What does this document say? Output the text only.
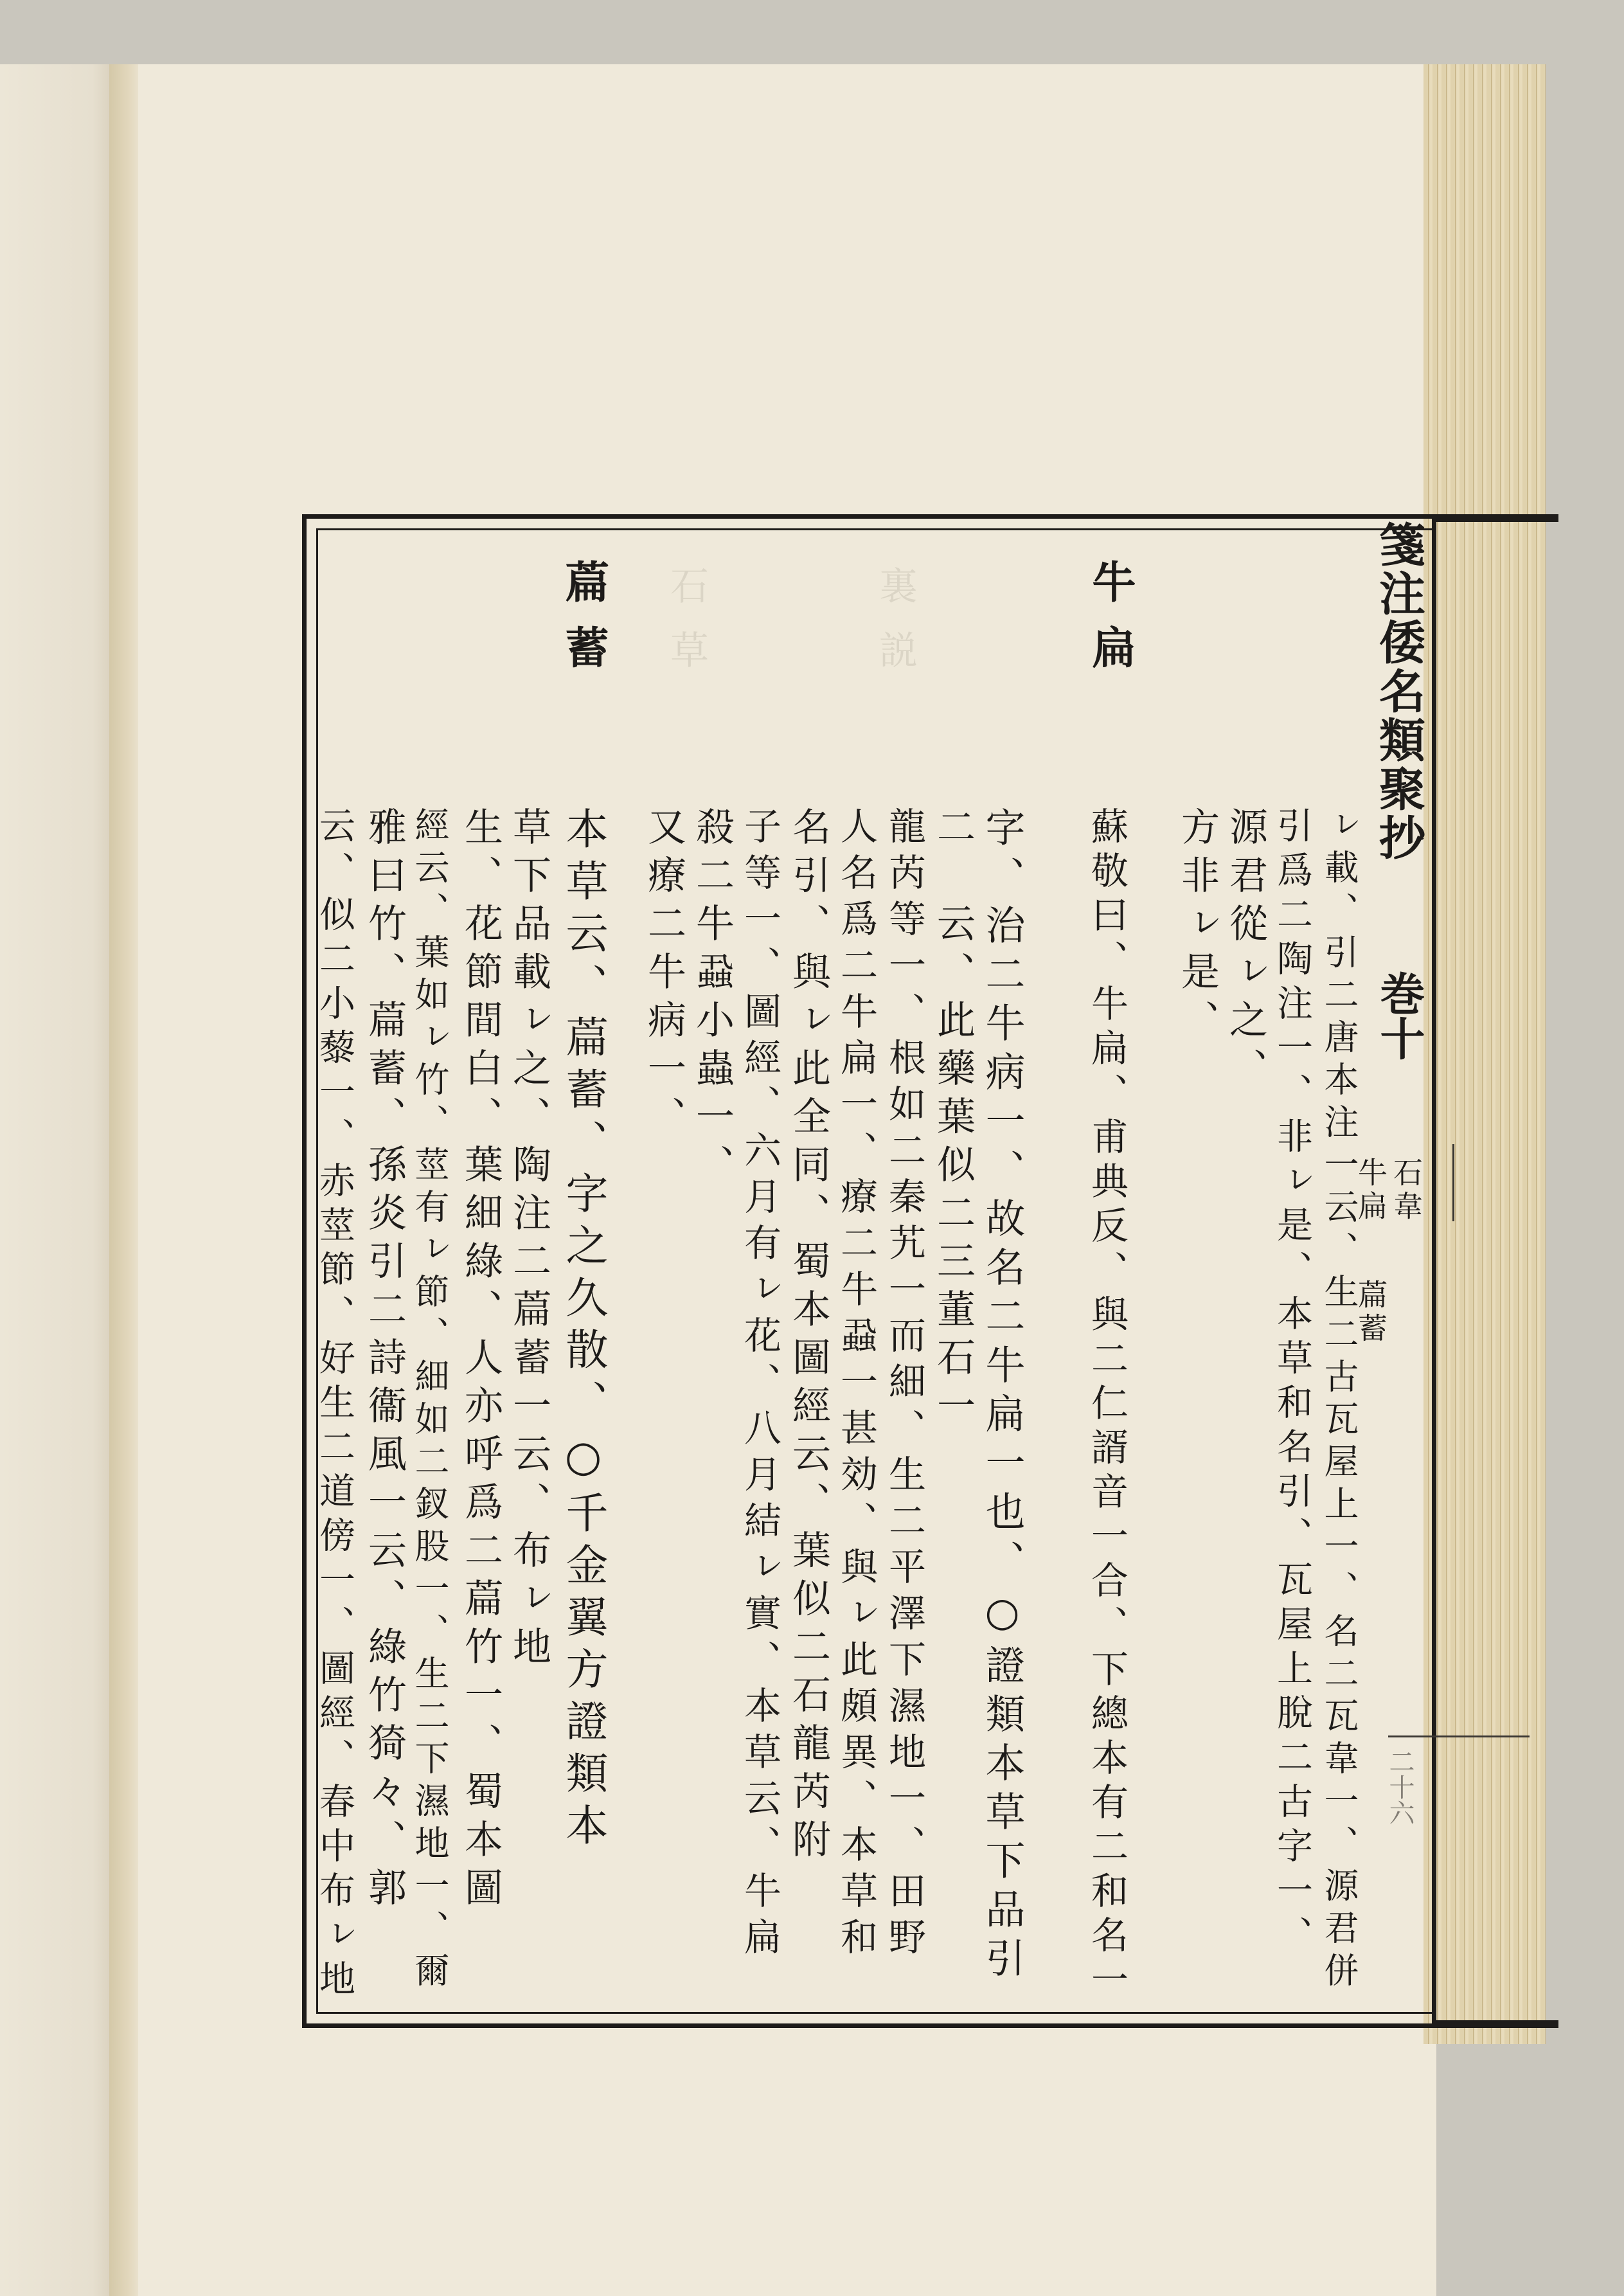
石草	裏説	箋注倭名類聚抄
巻十
石韋
牛扁
萹蓄
二十六
ㇾ載、引二唐本注一云、生二古瓦屋上一、名二瓦韋一、源君併
引爲二陶注一、非ㇾ是、本草和名引、瓦屋上脫二古字一、
源君從ㇾ之、
方非ㇾ是、
牛扁
蘇敬曰、牛扁、甫典反、與二仁諝音一合、下總本有二和名一
字、治二牛病一、故名二牛扁一也、○證類本草下品引
二　云、此藥葉似二三董石一
龍芮等一、根如二秦艽一而細、生二平澤下濕地一、田野
人名爲二牛扁一、療二牛蝨一甚効、與ㇾ此頗異、本草和
名引、與ㇾ此全同、蜀本圖經云、葉似二石龍芮附
子等一、圖經、六月有ㇾ花、八月結ㇾ實、本草云、牛扁
殺二牛蝨小蟲一、
又療二牛病一、
萹蓄
本草云、萹蓄、字之久散、○千金翼方證類本
草下品載ㇾ之、陶注二萹蓄一云、布ㇾ地
生、花節間白、葉細綠、人亦呼爲二萹竹一、蜀本圖
經云、葉如ㇾ竹、莖有ㇾ節、細如二釵股一、生二下濕地一、爾
雅曰竹、萹蓄、孫炎引二詩衞風一云、綠竹猗々、郭
云、似二小藜一、赤莖節、好生二道傍一、圖經、春中布ㇾ地
